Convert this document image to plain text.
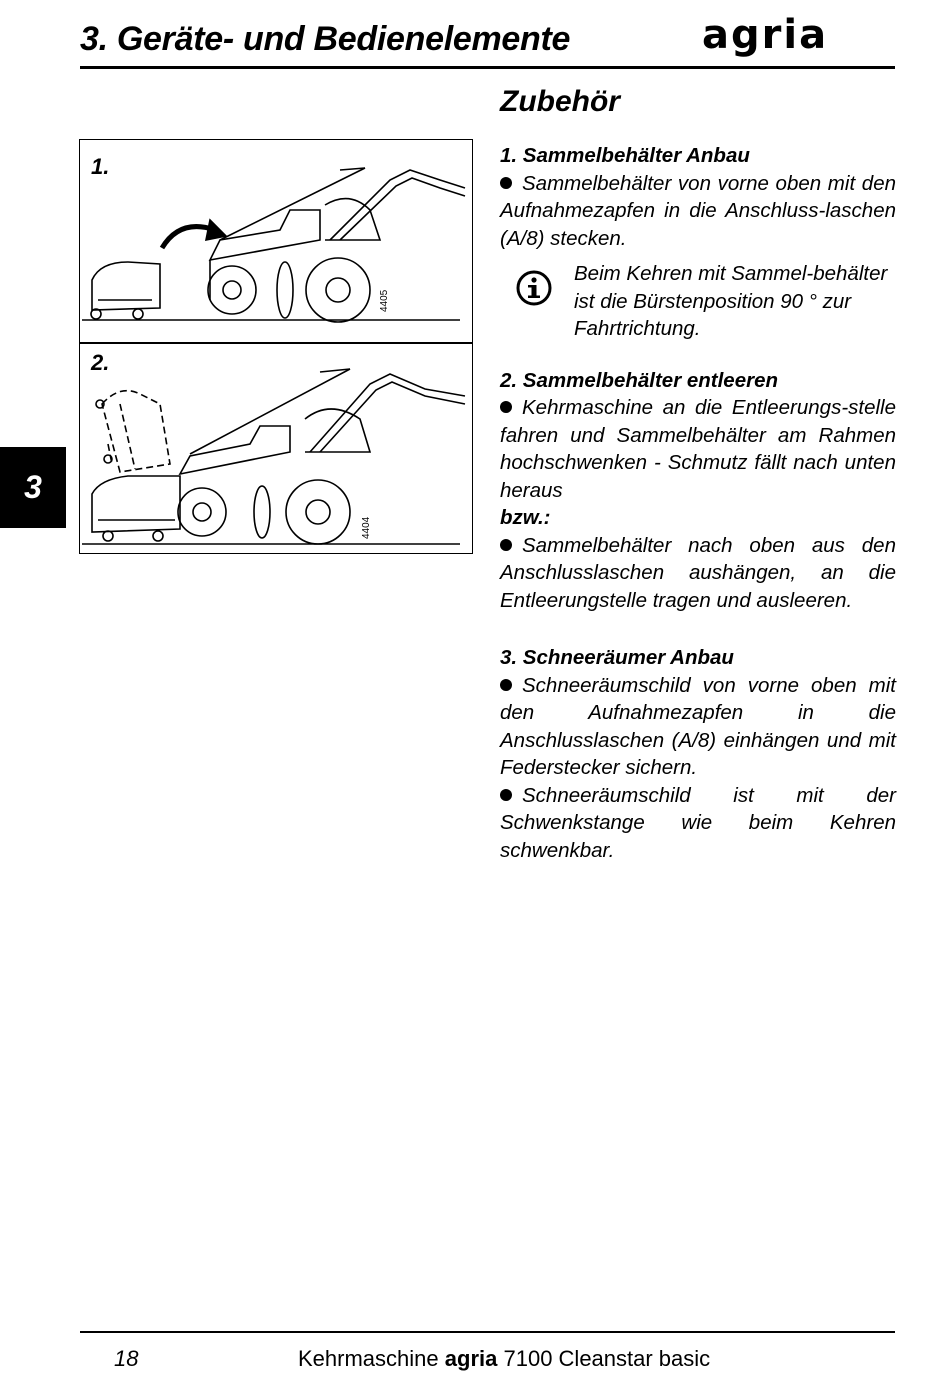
3. Geräte- und Bedienelemente	agria
3
1.
4405
2.
4404
Zubehör

1. Sammelbehälter Anbau

Sammelbehälter von vorne oben mit den Aufnahmezapfen in die Anschluss-laschen (A/8) stecken.

Beim Kehren mit Sammel-behälter ist die Bürstenposition 90 ° zur Fahrtrichtung.

2. Sammelbehälter entleeren

Kehrmaschine an die Entleerungs-stelle fahren und Sammelbehälter am Rahmen hochschwenken - Schmutz fällt nach unten heraus

bzw.:

Sammelbehälter nach oben aus den Anschlusslaschen aushängen, an die Entleerungstelle tragen und ausleeren.

3. Schneeräumer Anbau

Schneeräumschild von vorne oben mit den Aufnahmezapfen in die Anschlusslaschen (A/8) einhängen und mit Federstecker sichern.

Schneeräumschild ist mit der Schwenkstange wie beim Kehren schwenkbar.

18	Kehrmaschine agria 7100 Cleanstar basic
